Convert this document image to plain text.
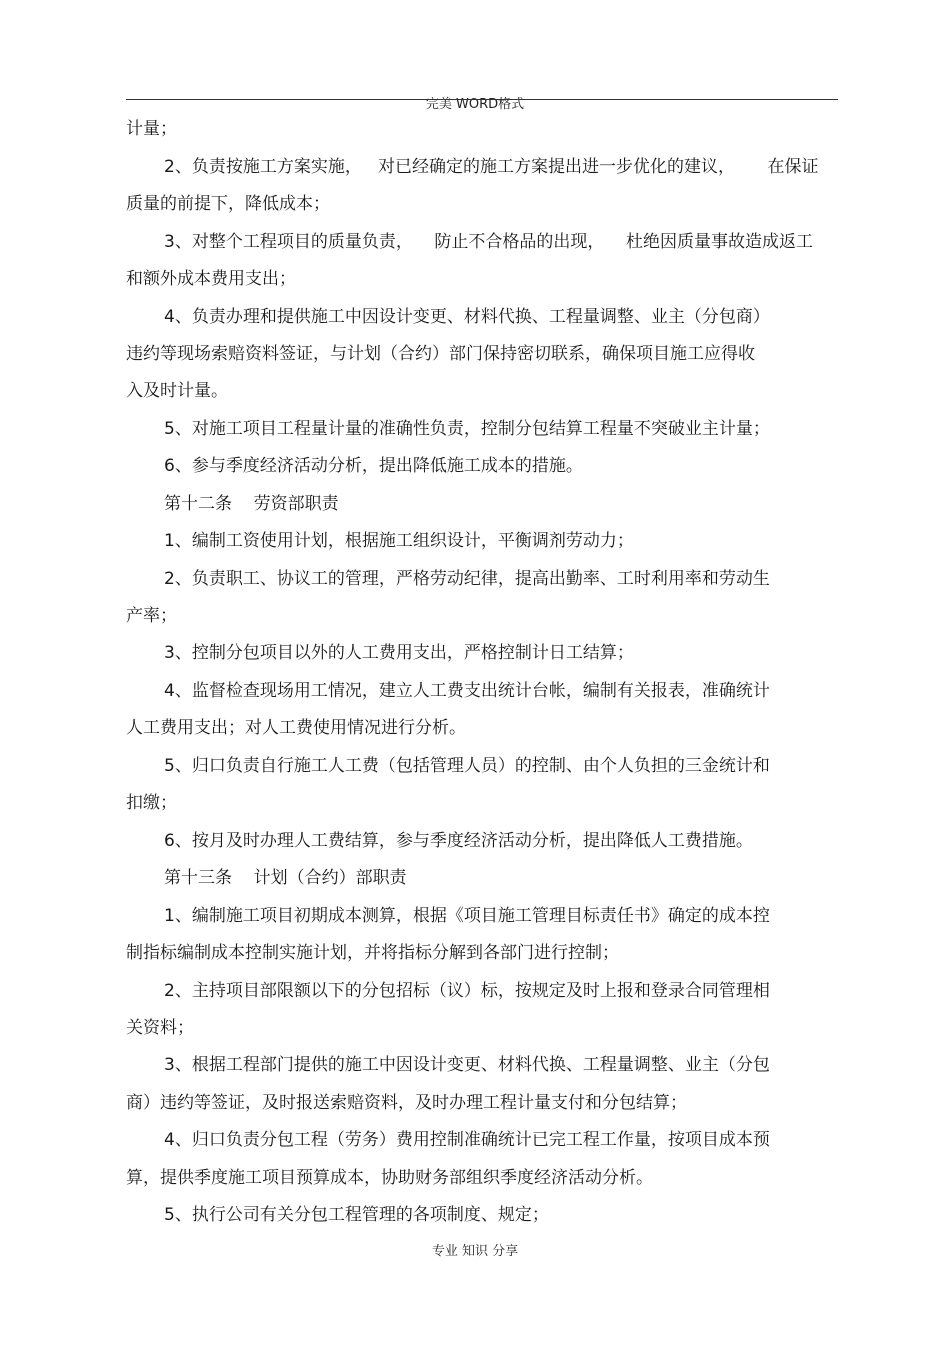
完美 WORD格式
计量；
2、负责按施工方案实施，   对已经确定的施工方案提出进一步优化的建议，      在保证
质量的前提下，降低成本；
3、对整个工程项目的质量负责，    防止不合格品的出现，    杜绝因质量事故造成返工
和额外成本费用支出；
4、负责办理和提供施工中因设计变更、材料代换、工程量调整、业主（分包商）
违约等现场索赔资料签证，与计划（合约）部门保持密切联系，确保项目施工应得收
入及时计量。
5、对施工项目工程量计量的准确性负责，控制分包结算工程量不突破业主计量；
6、参与季度经济活动分析，提出降低施工成本的措施。
第十二条    劳资部职责
1、编制工资使用计划，根据施工组织设计，平衡调剂劳动力；
2、负责职工、协议工的管理，严格劳动纪律，提高出勤率、工时利用率和劳动生
产率；
3、控制分包项目以外的人工费用支出，严格控制计日工结算；
4、监督检查现场用工情况，建立人工费支出统计台帐，编制有关报表，准确统计
人工费用支出；对人工费使用情况进行分析。
5、归口负责自行施工人工费（包括管理人员）的控制、由个人负担的三金统计和
扣缴；
6、按月及时办理人工费结算，参与季度经济活动分析，提出降低人工费措施。
第十三条    计划（合约）部职责
1、编制施工项目初期成本测算，根据《项目施工管理目标责任书》确定的成本控
制指标编制成本控制实施计划，并将指标分解到各部门进行控制；
2、主持项目部限额以下的分包招标（议）标，按规定及时上报和登录合同管理相
关资料；
3、根据工程部门提供的施工中因设计变更、材料代换、工程量调整、业主（分包
商）违约等签证，及时报送索赔资料，及时办理工程计量支付和分包结算；
4、归口负责分包工程（劳务）费用控制准确统计已完工程工作量，按项目成本预
算，提供季度施工项目预算成本，协助财务部组织季度经济活动分析。
5、执行公司有关分包工程管理的各项制度、规定；
专业 知识 分享
